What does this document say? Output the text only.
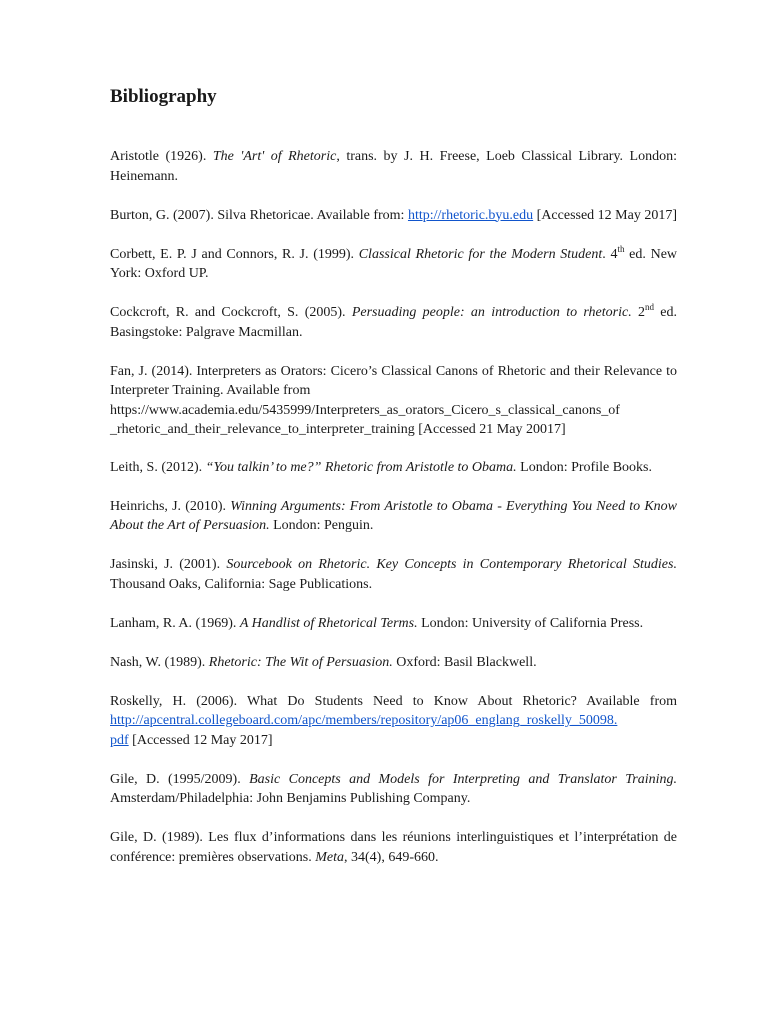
Bibliography

Aristotle (1926). The 'Art' of Rhetoric, trans. by J. H. Freese, Loeb Classical Library. London: Heinemann.

Burton, G. (2007). Silva Rhetoricae. Available from: http://rhetoric.byu.edu [Accessed 12 May 2017]

Corbett, E. P. J and Connors, R. J. (1999). Classical Rhetoric for the Modern Student. 4th ed. New York: Oxford UP.

Cockcroft, R. and Cockcroft, S. (2005). Persuading people: an introduction to rhetoric. 2nd ed. Basingstoke: Palgrave Macmillan.

Fan, J. (2014). Interpreters as Orators: Cicero’s Classical Canons of Rhetoric and their Relevance to Interpreter Training. Available from
https://www.academia.edu/5435999/Interpreters_as_orators_Cicero_s_classical_canons_of
_rhetoric_and_their_relevance_to_interpreter_training [Accessed 21 May 20017]

Leith, S. (2012). “You talkin’ to me?” Rhetoric from Aristotle to Obama. London: Profile Books.

Heinrichs, J. (2010). Winning Arguments: From Aristotle to Obama - Everything You Need to Know About the Art of Persuasion. London: Penguin.

Jasinski, J. (2001). Sourcebook on Rhetoric. Key Concepts in Contemporary Rhetorical Studies. Thousand Oaks, California: Sage Publications.

Lanham, R. A. (1969). A Handlist of Rhetorical Terms. London: University of California Press.

Nash, W. (1989). Rhetoric: The Wit of Persuasion. Oxford: Basil Blackwell.

Roskelly, H. (2006). What Do Students Need to Know About Rhetoric? Available from http://apcentral.collegeboard.com/apc/members/repository/ap06_englang_roskelly_50098.
pdf [Accessed 12 May 2017]

Gile, D. (1995/2009). Basic Concepts and Models for Interpreting and Translator Training. Amsterdam/Philadelphia: John Benjamins Publishing Company.

Gile, D. (1989). Les flux d’informations dans les réunions interlinguistiques et l’interprétation de conférence: premières observations. Meta, 34(4), 649-660.
